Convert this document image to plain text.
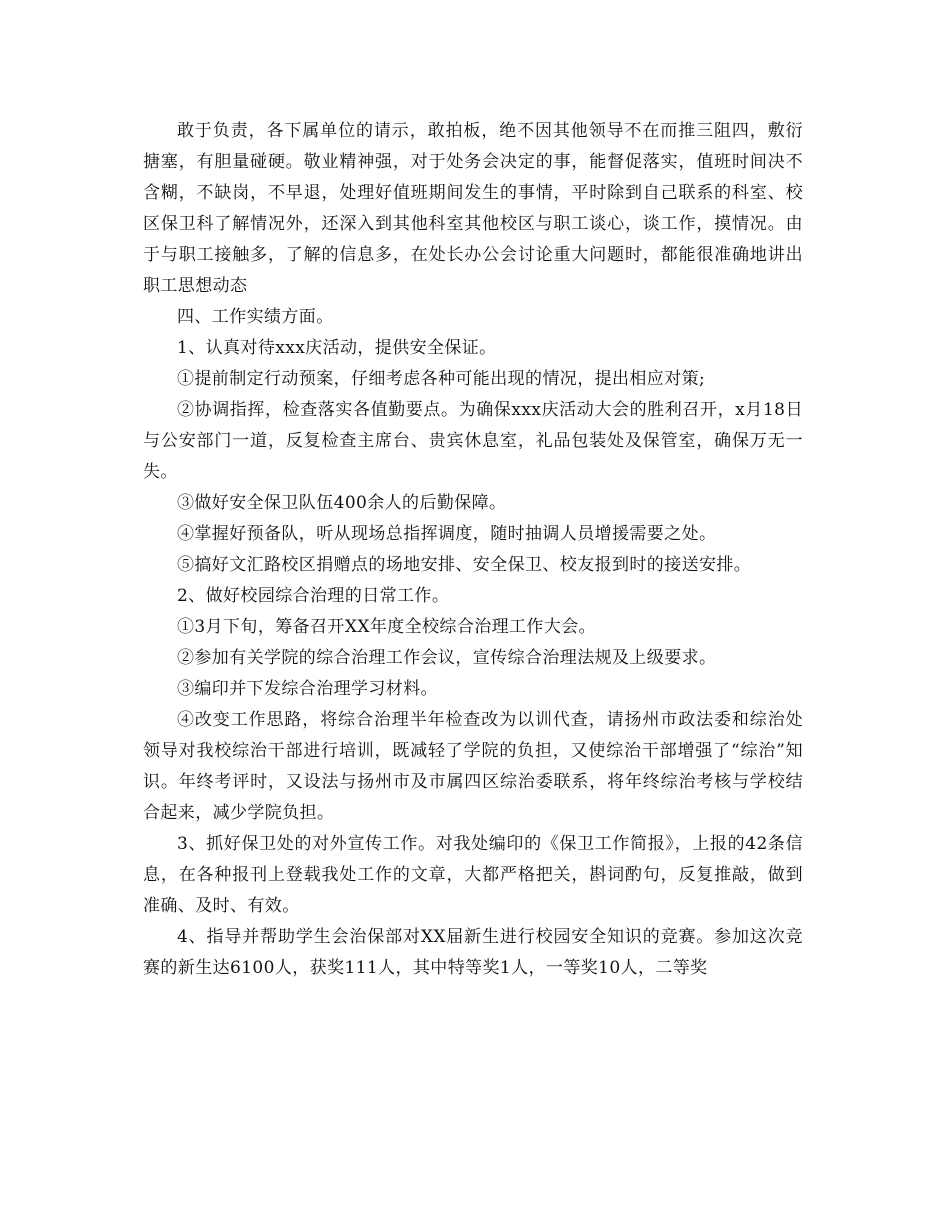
敢于负责，各下属单位的请示，敢拍板，绝不因其他领导不在而推三阻四，敷衍搪塞，有胆量碰硬。敬业精神强，对于处务会决定的事，能督促落实，值班时间决不含糊，不缺岗，不早退，处理好值班期间发生的事情，平时除到自己联系的科室、校区保卫科了解情况外，还深入到其他科室其他校区与职工谈心，谈工作，摸情况。由于与职工接触多，了解的信息多，在处长办公会讨论重大问题时，都能很准确地讲出职工思想动态

四、工作实绩方面。

1、认真对待xxx庆活动，提供安全保证。

①提前制定行动预案，仔细考虑各种可能出现的情况，提出相应对策;

②协调指挥，检查落实各值勤要点。为确保xxx庆活动大会的胜利召开，x月18日与公安部门一道，反复检查主席台、贵宾休息室，礼品包装处及保管室，确保万无一失。

③做好安全保卫队伍400余人的后勤保障。

④掌握好预备队，听从现场总指挥调度，随时抽调人员增援需要之处。

⑤搞好文汇路校区捐赠点的场地安排、安全保卫、校友报到时的接送安排。

2、做好校园综合治理的日常工作。

①3月下旬，筹备召开XX年度全校综合治理工作大会。

②参加有关学院的综合治理工作会议，宣传综合治理法规及上级要求。

③编印并下发综合治理学习材料。

④改变工作思路，将综合治理半年检查改为以训代查，请扬州市政法委和综治处领导对我校综治干部进行培训，既减轻了学院的负担，又使综治干部增强了“综治”知识。年终考评时，又设法与扬州市及市属四区综治委联系，将年终综治考核与学校结合起来，减少学院负担。

3、抓好保卫处的对外宣传工作。对我处编印的《保卫工作简报》，上报的42条信息，在各种报刊上登载我处工作的文章，大都严格把关，斟词酌句，反复推敲，做到准确、及时、有效。

4、指导并帮助学生会治保部对XX届新生进行校园安全知识的竞赛。参加这次竞赛的新生达6100人，获奖111人，其中特等奖1人，一等奖10人，二等奖
